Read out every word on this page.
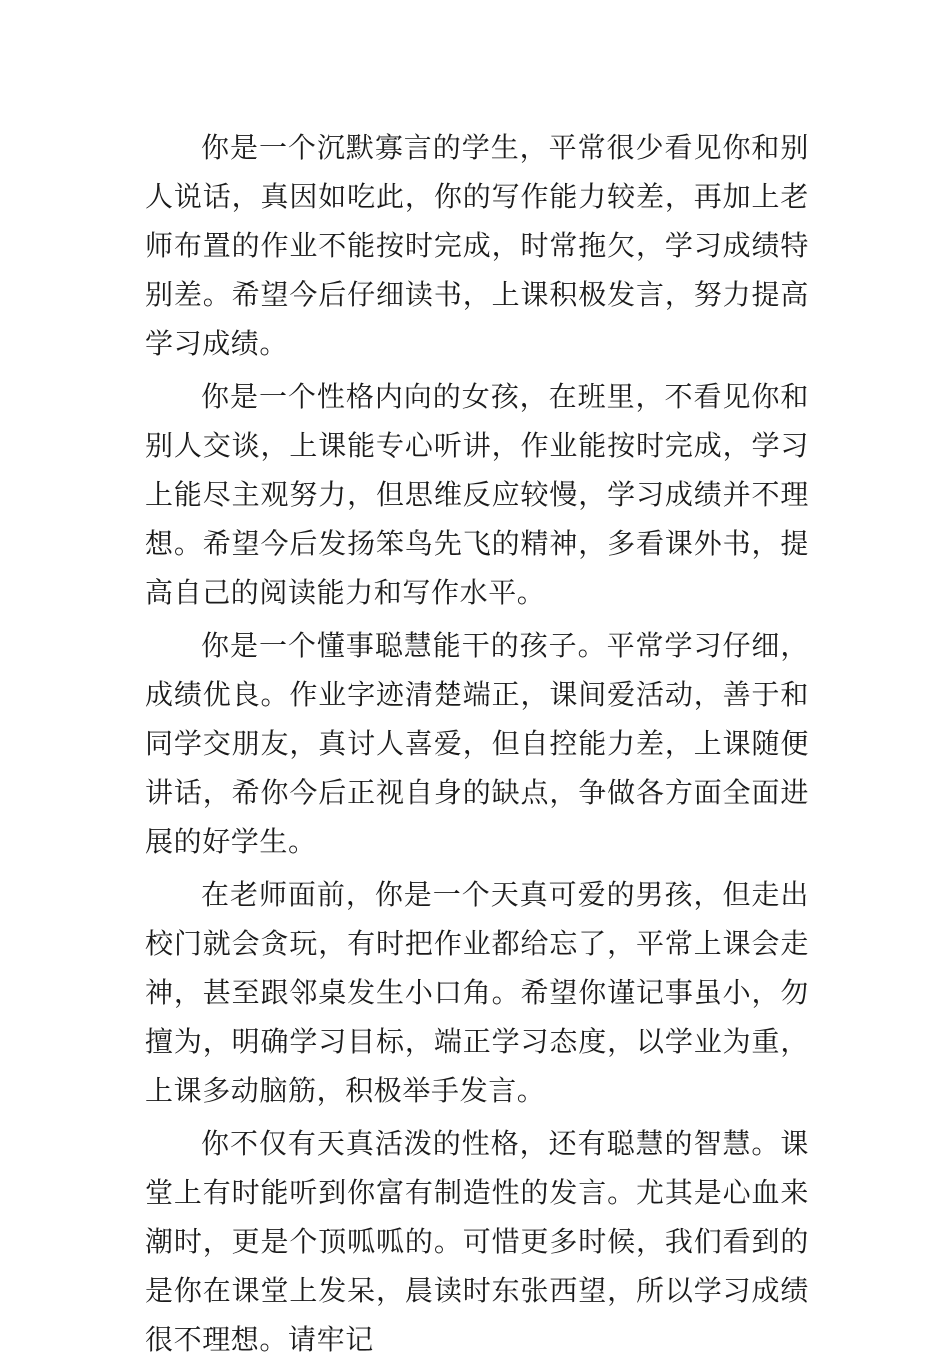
你是一个沉默寡言的学生，平常很少看见你和别人说话，真因如吃此，你的写作能力较差，再加上老师布置的作业不能按时完成，时常拖欠，学习成绩特别差。希望今后仔细读书，上课积极发言，努力提高学习成绩。

你是一个性格内向的女孩，在班里，不看见你和别人交谈，上课能专心听讲，作业能按时完成，学习上能尽主观努力，但思维反应较慢，学习成绩并不理想。希望今后发扬笨鸟先飞的精神，多看课外书，提高自己的阅读能力和写作水平。

你是一个懂事聪慧能干的孩子。平常学习仔细，成绩优良。作业字迹清楚端正，课间爱活动，善于和同学交朋友，真讨人喜爱，但自控能力差，上课随便讲话，希你今后正视自身的缺点，争做各方面全面进展的好学生。

在老师面前，你是一个天真可爱的男孩，但走出校门就会贪玩，有时把作业都给忘了，平常上课会走神，甚至跟邻桌发生小口角。希望你谨记事虽小，勿擅为，明确学习目标，端正学习态度，以学业为重，上课多动脑筋，积极举手发言。

你不仅有天真活泼的性格，还有聪慧的智慧。课堂上有时能听到你富有制造性的发言。尤其是心血来潮时，更是个顶呱呱的。可惜更多时候，我们看到的是你在课堂上发呆，晨读时东张西望，所以学习成绩很不理想。请牢记
